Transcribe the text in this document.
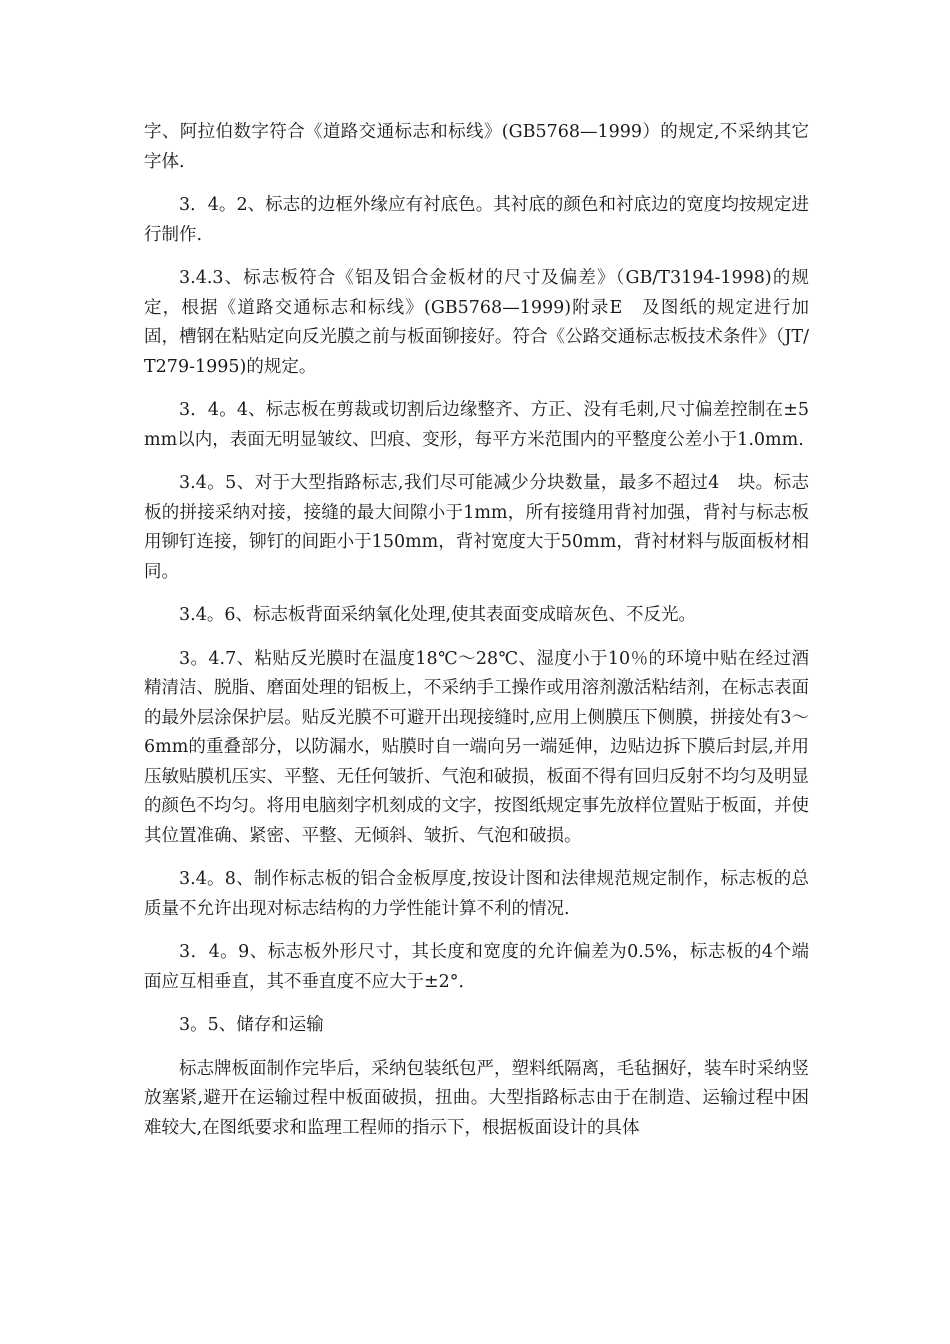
字、阿拉伯数字符合《道路交通标志和标线》(GB5768—1999）的规定,不采纳其它字体.

3．4。2、标志的边框外缘应有衬底色。其衬底的颜色和衬底边的宽度均按规定进行制作.

3.4.3、标志板符合《铝及铝合金板材的尺寸及偏差》（GB/T3194-1998)的规定，根据《道路交通标志和标线》(GB5768—1999)附录E　及图纸的规定进行加固，槽钢在粘贴定向反光膜之前与板面铆接好。符合《公路交通标志板技术条件》（JT/T279-1995)的规定。

3．4。4、标志板在剪裁或切割后边缘整齐、方正、没有毛刺,尺寸偏差控制在±5mm以内，表面无明显皱纹、凹痕、变形，每平方米范围内的平整度公差小于1.0mm.

3.4。5、对于大型指路标志,我们尽可能减少分块数量，最多不超过4　块。标志板的拼接采纳对接，接缝的最大间隙小于1mm，所有接缝用背衬加强，背衬与标志板用铆钉连接，铆钉的间距小于150mm，背衬宽度大于50mm，背衬材料与版面板材相同。

3.4。6、标志板背面采纳氧化处理,使其表面变成暗灰色、不反光。

3。4.7、粘贴反光膜时在温度18℃～28℃、湿度小于10％的环境中贴在经过酒精清洁、脱脂、磨面处理的铝板上，不采纳手工操作或用溶剂激活粘结剂，在标志表面的最外层涂保护层。贴反光膜不可避开出现接缝时,应用上侧膜压下侧膜，拼接处有3～6mm的重叠部分，以防漏水，贴膜时自一端向另一端延伸，边贴边拆下膜后封层,并用压敏贴膜机压实、平整、无任何皱折、气泡和破损，板面不得有回归反射不均匀及明显的颜色不均匀。将用电脑刻字机刻成的文字，按图纸规定事先放样位置贴于板面，并使其位置准确、紧密、平整、无倾斜、皱折、气泡和破损。

3.4。8、制作标志板的铝合金板厚度,按设计图和法律规范规定制作，标志板的总质量不允许出现对标志结构的力学性能计算不利的情况.

3．4。9、标志板外形尺寸，其长度和宽度的允许偏差为0.5%，标志板的4个端面应互相垂直，其不垂直度不应大于±2°．

3。5、储存和运输

标志牌板面制作完毕后，采纳包装纸包严，塑料纸隔离，毛毡捆好，装车时采纳竖放塞紧,避开在运输过程中板面破损，扭曲。大型指路标志由于在制造、运输过程中困难较大,在图纸要求和监理工程师的指示下，根据板面设计的具体
